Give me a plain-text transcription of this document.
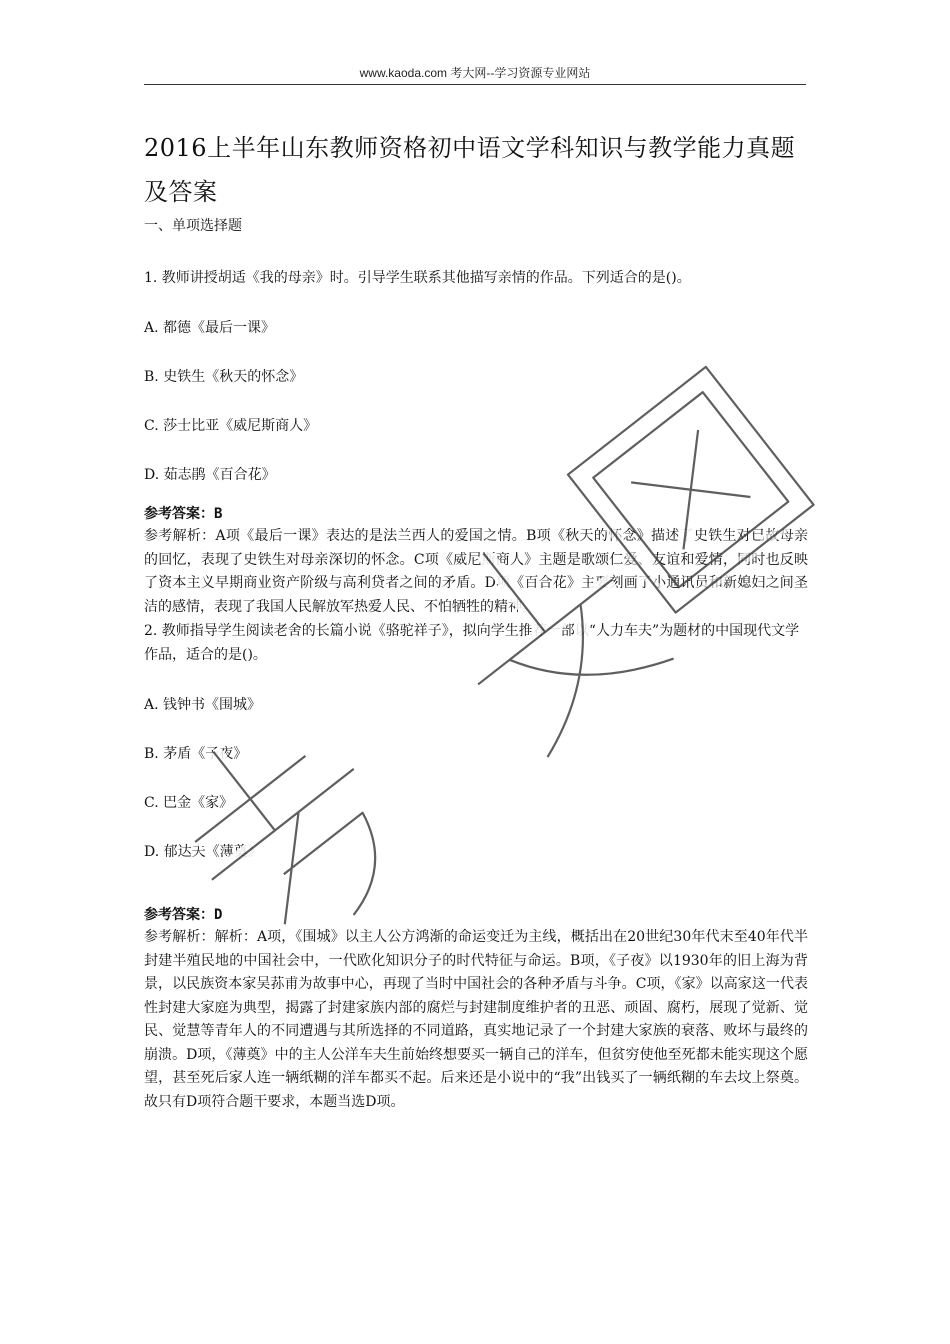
www.kaoda.com 考大网--学习资源专业网站
2016上半年山东教师资格初中语文学科知识与教学能力真题及答案

一、单项选择题

1. 教师讲授胡适《我的母亲》时。引导学生联系其他描写亲情的作品。下列适合的是()。

A. 都德《最后一课》

B. 史铁生《秋天的怀念》

C. 莎士比亚《威尼斯商人》

D. 茹志鹃《百合花》

参考答案：B

参考解析：A项《最后一课》表达的是法兰西人的爱国之情。B项《秋天的怀念》描述了史铁生对已故母亲的回忆，表现了史铁生对母亲深切的怀念。C项《威尼斯商人》主题是歌颂仁爱、友谊和爱情，同时也反映了资本主义早期商业资产阶级与高利贷者之间的矛盾。D项《百合花》主要刻画了小通讯员和新媳妇之间圣洁的感情，表现了我国人民解放军热爱人民、不怕牺牲的精神。

2. 教师指导学生阅读老舍的长篇小说《骆驼祥子》，拟向学生推荐一部以“人力车夫”为题材的中国现代文学作品，适合的是()。

A. 钱钟书《围城》

B. 茅盾《子夜》

C. 巴金《家》

D. 郁达夫《薄奠》

参考答案：D

参考解析：解析：A项，《围城》以主人公方鸿渐的命运变迁为主线，概括出在20世纪30年代末至40年代半封建半殖民地的中国社会中，一代欧化知识分子的时代特征与命运。B项，《子夜》以1930年的旧上海为背景，以民族资本家吴荪甫为故事中心，再现了当时中国社会的各种矛盾与斗争。C项，《家》以高家这一代表性封建大家庭为典型，揭露了封建家族内部的腐烂与封建制度维护者的丑恶、顽固、腐朽，展现了觉新、觉民、觉慧等青年人的不同遭遇与其所选择的不同道路，真实地记录了一个封建大家族的衰落、败坏与最终的崩溃。D项，《薄奠》中的主人公洋车夫生前始终想要买一辆自己的洋车，但贫穷使他至死都未能实现这个愿望，甚至死后家人连一辆纸糊的洋车都买不起。后来还是小说中的“我”出钱买了一辆纸糊的车去坟上祭奠。故只有D项符合题干要求，本题当选D项。
